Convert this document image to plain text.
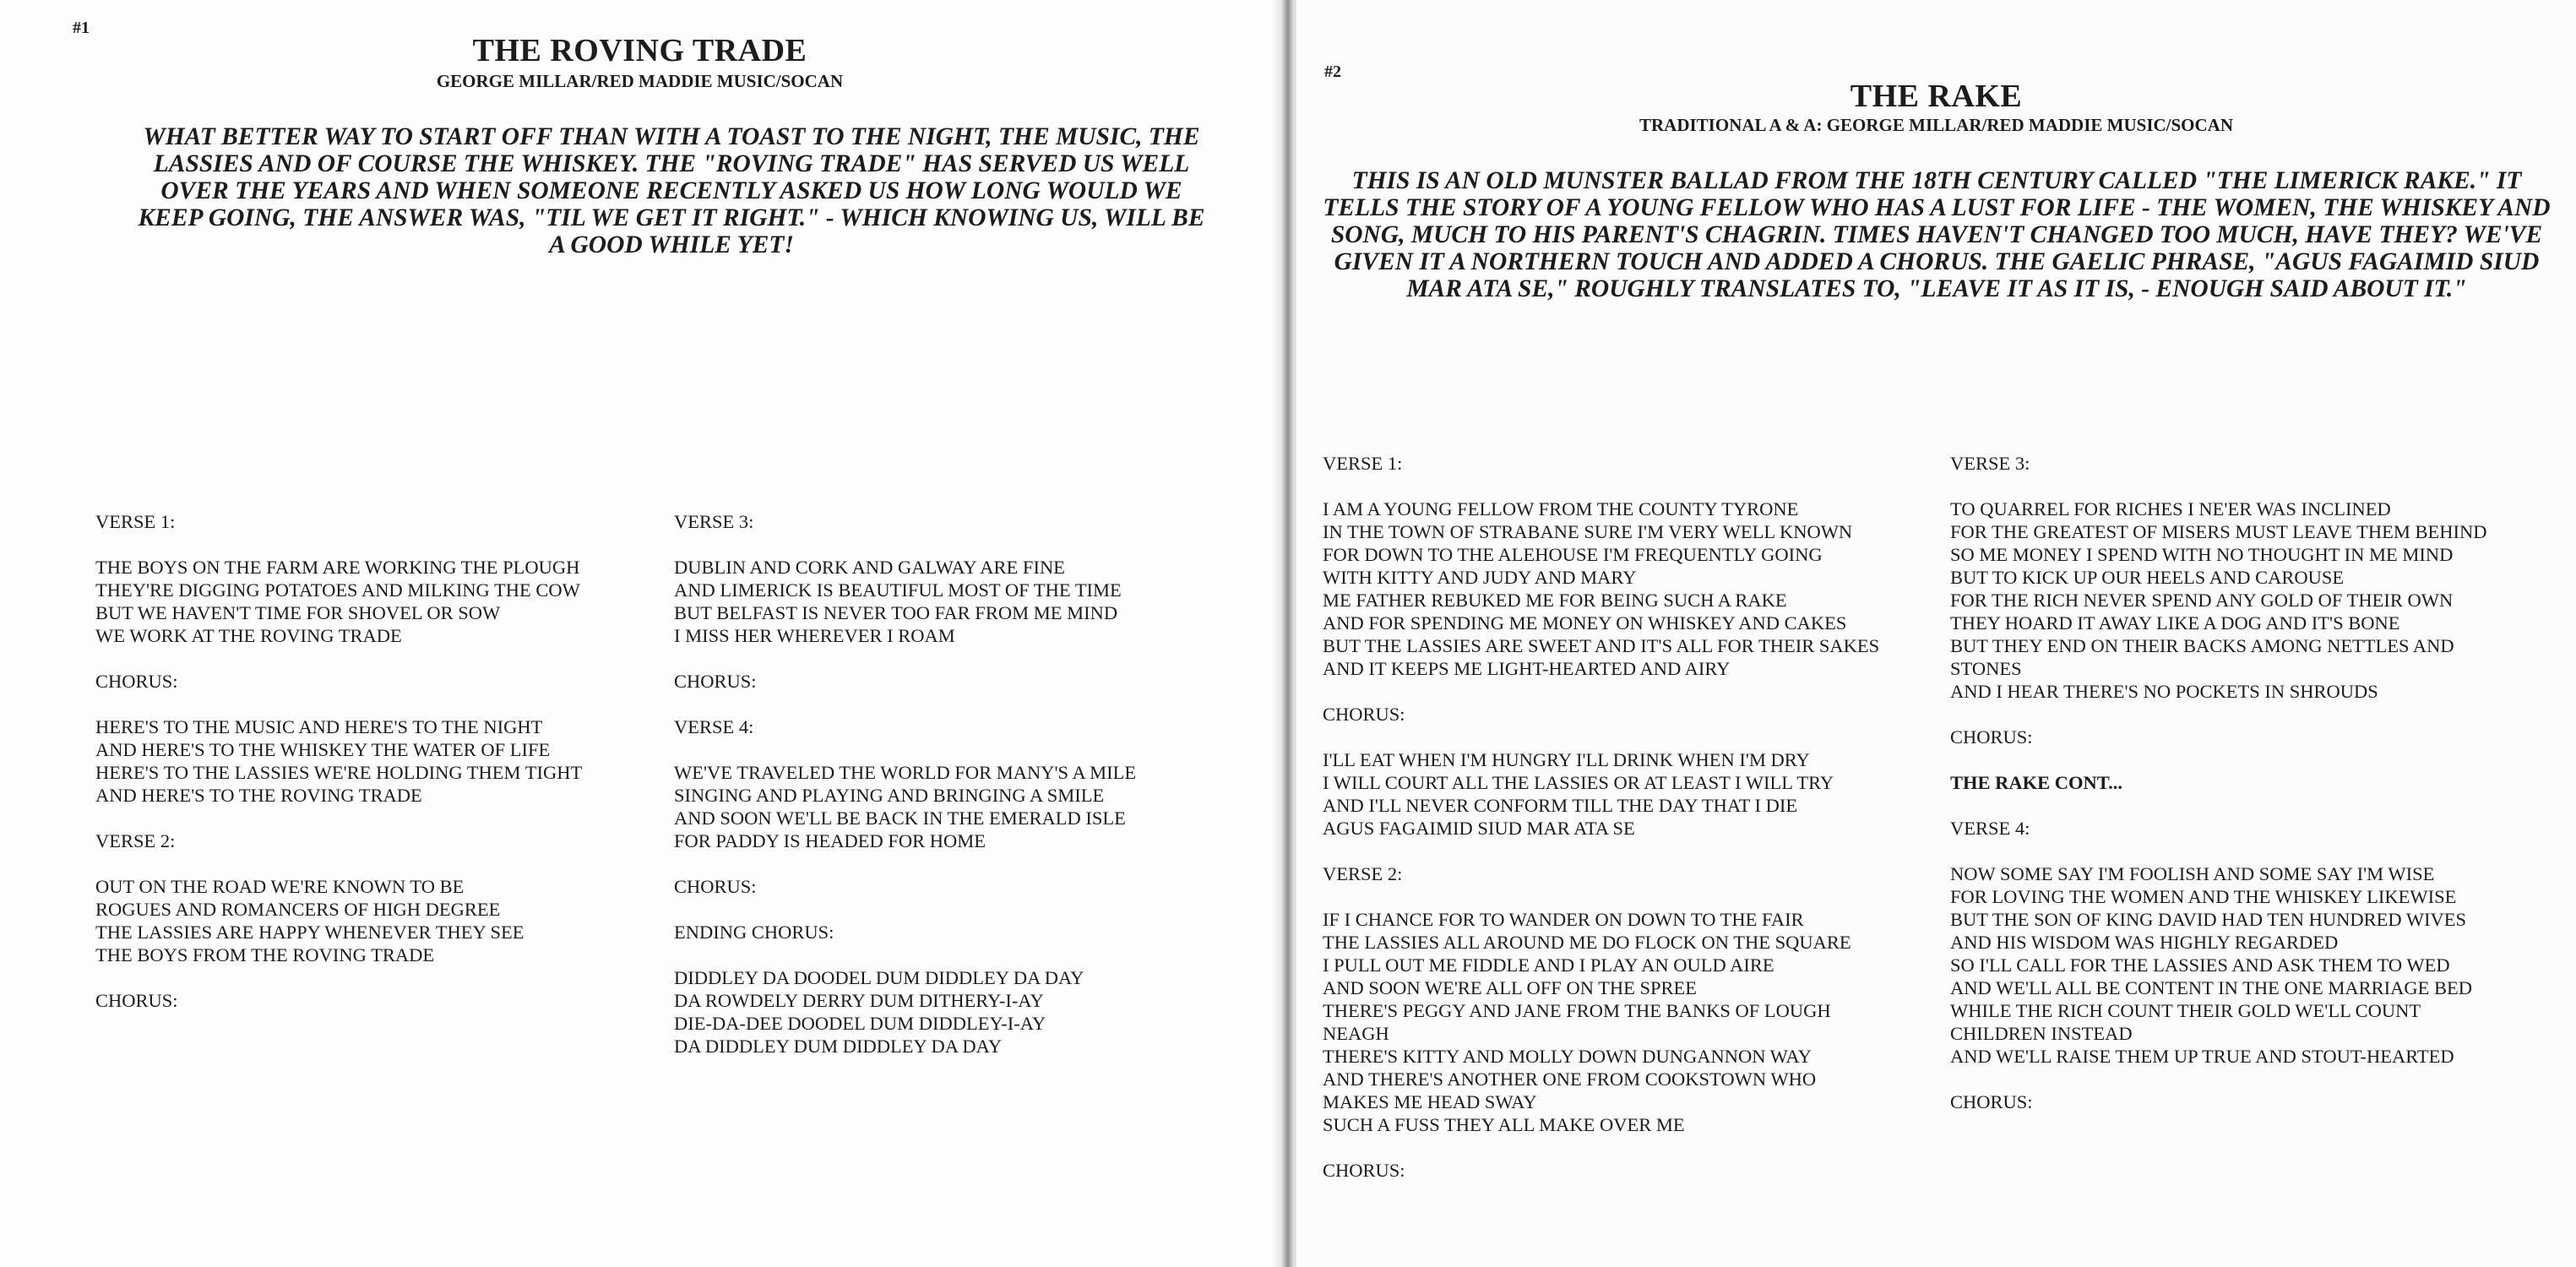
#1
THE ROVING TRADE
GEORGE MILLAR/RED MADDIE MUSIC/SOCAN

WHAT BETTER WAY TO START OFF THAN WITH A TOAST TO THE NIGHT, THE MUSIC, THE LASSIES AND OF COURSE THE WHISKEY. THE "ROVING TRADE" HAS SERVED US WELL OVER THE YEARS AND WHEN SOMEONE RECENTLY ASKED US HOW LONG WOULD WE KEEP GOING, THE ANSWER WAS, "TIL WE GET IT RIGHT." - WHICH KNOWING US, WILL BE A GOOD WHILE YET!

VERSE 1:

THE BOYS ON THE FARM ARE WORKING THE PLOUGH
THEY'RE DIGGING POTATOES AND MILKING THE COW
BUT WE HAVEN'T TIME FOR SHOVEL OR SOW
WE WORK AT THE ROVING TRADE

CHORUS:

HERE'S TO THE MUSIC AND HERE'S TO THE NIGHT
AND HERE'S TO THE WHISKEY THE WATER OF LIFE
HERE'S TO THE LASSIES WE'RE HOLDING THEM TIGHT
AND HERE'S TO THE ROVING TRADE

VERSE 2:

OUT ON THE ROAD WE'RE KNOWN TO BE
ROGUES AND ROMANCERS OF HIGH DEGREE
THE LASSIES ARE HAPPY WHENEVER THEY SEE
THE BOYS FROM THE ROVING TRADE

CHORUS:

VERSE 3:

DUBLIN AND CORK AND GALWAY ARE FINE
AND LIMERICK IS BEAUTIFUL MOST OF THE TIME
BUT BELFAST IS NEVER TOO FAR FROM ME MIND
I MISS HER WHEREVER I ROAM

CHORUS:

VERSE 4:

WE'VE TRAVELED THE WORLD FOR MANY'S A MILE
SINGING AND PLAYING AND BRINGING A SMILE
AND SOON WE'LL BE BACK IN THE EMERALD ISLE
FOR PADDY IS HEADED FOR HOME

CHORUS:

ENDING CHORUS:

DIDDLEY DA DOODEL DUM DIDDLEY DA DAY
DA ROWDELY DERRY DUM DITHERY-I-AY
DIE-DA-DEE DOODEL DUM DIDDLEY-I-AY
DA DIDDLEY DUM DIDDLEY DA DAY
#2
THE RAKE
TRADITIONAL A & A: GEORGE MILLAR/RED MADDIE MUSIC/SOCAN

THIS IS AN OLD MUNSTER BALLAD FROM THE 18TH CENTURY CALLED "THE LIMERICK RAKE." IT TELLS THE STORY OF A YOUNG FELLOW WHO HAS A LUST FOR LIFE - THE WOMEN, THE WHISKEY AND SONG, MUCH TO HIS PARENT'S CHAGRIN. TIMES HAVEN'T CHANGED TOO MUCH, HAVE THEY? WE'VE GIVEN IT A NORTHERN TOUCH AND ADDED A CHORUS. THE GAELIC PHRASE, "AGUS FAGAIMID SIUD MAR ATA SE," ROUGHLY TRANSLATES TO, "LEAVE IT AS IT IS, - ENOUGH SAID ABOUT IT."

VERSE 1:

I AM A YOUNG FELLOW FROM THE COUNTY TYRONE
IN THE TOWN OF STRABANE SURE I'M VERY WELL KNOWN
FOR DOWN TO THE ALEHOUSE I'M FREQUENTLY GOING
WITH KITTY AND JUDY AND MARY
ME FATHER REBUKED ME FOR BEING SUCH A RAKE
AND FOR SPENDING ME MONEY ON WHISKEY AND CAKES
BUT THE LASSIES ARE SWEET AND IT'S ALL FOR THEIR SAKES
AND IT KEEPS ME LIGHT-HEARTED AND AIRY

CHORUS:

I'LL EAT WHEN I'M HUNGRY I'LL DRINK WHEN I'M DRY
I WILL COURT ALL THE LASSIES OR AT LEAST I WILL TRY
AND I'LL NEVER CONFORM TILL THE DAY THAT I DIE
AGUS FAGAIMID SIUD MAR ATA SE

VERSE 2:

IF I CHANCE FOR TO WANDER ON DOWN TO THE FAIR
THE LASSIES ALL AROUND ME DO FLOCK ON THE SQUARE
I PULL OUT ME FIDDLE AND I PLAY AN OULD AIRE
AND SOON WE'RE ALL OFF ON THE SPREE
THERE'S PEGGY AND JANE FROM THE BANKS OF LOUGH
NEAGH
THERE'S KITTY AND MOLLY DOWN DUNGANNON WAY
AND THERE'S ANOTHER ONE FROM COOKSTOWN WHO
MAKES ME HEAD SWAY
SUCH A FUSS THEY ALL MAKE OVER ME

CHORUS:

VERSE 3:

TO QUARREL FOR RICHES I NE'ER WAS INCLINED
FOR THE GREATEST OF MISERS MUST LEAVE THEM BEHIND
SO ME MONEY I SPEND WITH NO THOUGHT IN ME MIND
BUT TO KICK UP OUR HEELS AND CAROUSE
FOR THE RICH NEVER SPEND ANY GOLD OF THEIR OWN
THEY HOARD IT AWAY LIKE A DOG AND IT'S BONE
BUT THEY END ON THEIR BACKS AMONG NETTLES AND
STONES
AND I HEAR THERE'S NO POCKETS IN SHROUDS

CHORUS:

THE RAKE CONT...

VERSE 4:

NOW SOME SAY I'M FOOLISH AND SOME SAY I'M WISE
FOR LOVING THE WOMEN AND THE WHISKEY LIKEWISE
BUT THE SON OF KING DAVID HAD TEN HUNDRED WIVES
AND HIS WISDOM WAS HIGHLY REGARDED
SO I'LL CALL FOR THE LASSIES AND ASK THEM TO WED
AND WE'LL ALL BE CONTENT IN THE ONE MARRIAGE BED
WHILE THE RICH COUNT THEIR GOLD WE'LL COUNT
CHILDREN INSTEAD
AND WE'LL RAISE THEM UP TRUE AND STOUT-HEARTED

CHORUS:
